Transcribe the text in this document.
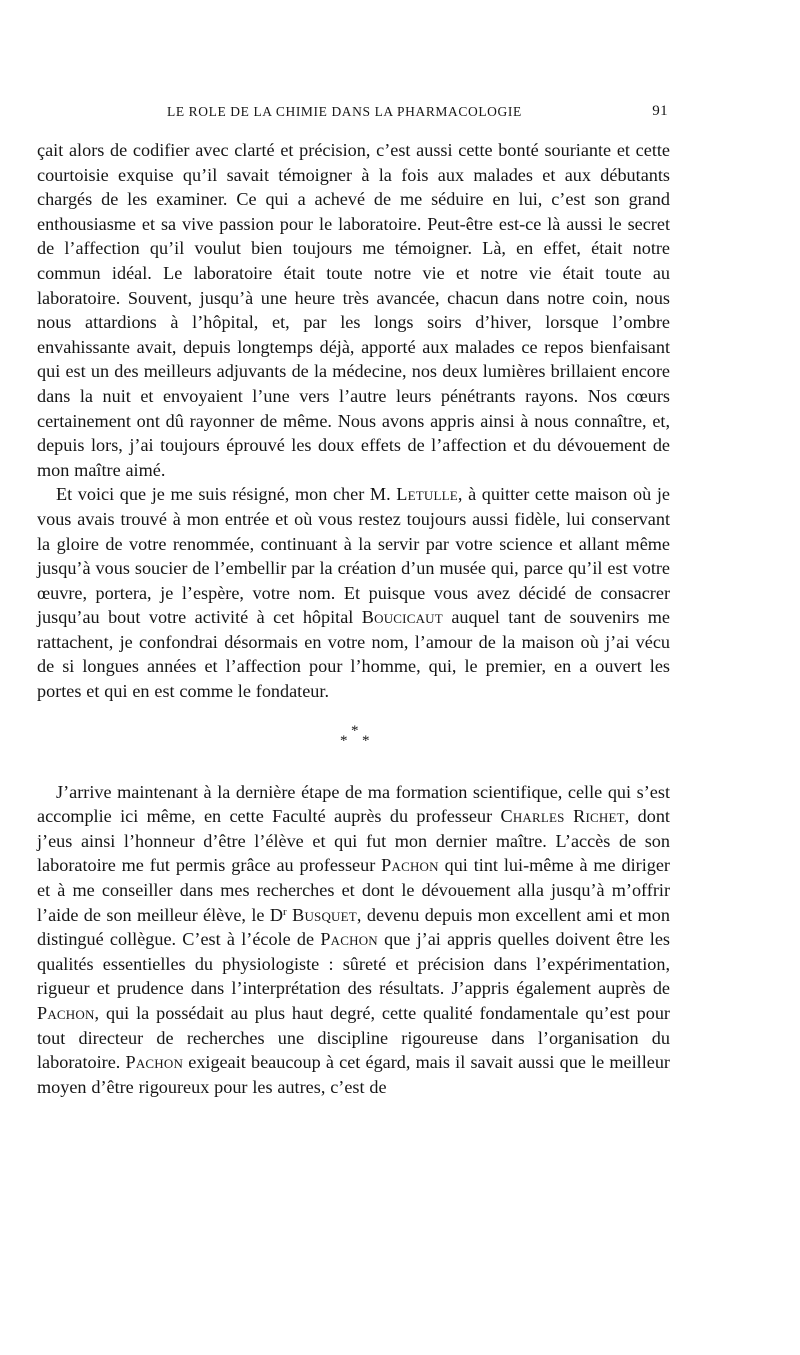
LE ROLE DE LA CHIMIE DANS LA PHARMACOLOGIE	91

çait alors de codifier avec clarté et précision, c’est aussi cette bonté souriante et cette courtoisie exquise qu’il savait témoigner à la fois aux malades et aux débutants chargés de les examiner. Ce qui a achevé de me séduire en lui, c’est son grand enthousiasme et sa vive passion pour le laboratoire. Peut-être est-ce là aussi le secret de l’affection qu’il voulut bien toujours me témoigner. Là, en effet, était notre commun idéal. Le laboratoire était toute notre vie et notre vie était toute au laboratoire. Souvent, jusqu’à une heure très avancée, chacun dans notre coin, nous nous attardions à l’hôpital, et, par les longs soirs d’hiver, lorsque l’ombre envahissante avait, depuis longtemps déjà, apporté aux malades ce repos bienfaisant qui est un des meilleurs adjuvants de la médecine, nos deux lumières brillaient encore dans la nuit et envoyaient l’une vers l’autre leurs pénétrants rayons. Nos cœurs certainement ont dû rayonner de même. Nous avons appris ainsi à nous connaître, et, depuis lors, j’ai toujours éprouvé les doux effets de l’affection et du dévouement de mon maître aimé.

Et voici que je me suis résigné, mon cher M. Letulle, à quitter cette maison où je vous avais trouvé à mon entrée et où vous restez toujours aussi fidèle, lui conservant la gloire de votre renommée, continuant à la servir par votre science et allant même jusqu’à vous soucier de l’embellir par la création d’un musée qui, parce qu’il est votre œuvre, portera, je l’espère, votre nom. Et puisque vous avez décidé de consacrer jusqu’au bout votre activité à cet hôpital Boucicaut auquel tant de souvenirs me rattachent, je confondrai désormais en votre nom, l’amour de la maison où j’ai vécu de si longues années et l’affection pour l’homme, qui, le premier, en a ouvert les portes et qui en est comme le fondateur.

*
* *

J’arrive maintenant à la dernière étape de ma formation scientifique, celle qui s’est accomplie ici même, en cette Faculté auprès du professeur Charles Richet, dont j’eus ainsi l’honneur d’être l’élève et qui fut mon dernier maître. L’accès de son laboratoire me fut permis grâce au professeur Pachon qui tint lui-même à me diriger et à me conseiller dans mes recherches et dont le dévouement alla jusqu’à m’offrir l’aide de son meilleur élève, le $D^r$ Busquet, devenu depuis mon excellent ami et mon distingué collègue. C’est à l’école de Pachon que j’ai appris quelles doivent être les qualités essentielles du physiologiste : sûreté et précision dans l’expérimentation, rigueur et prudence dans l’interprétation des résultats. J’appris également auprès de Pachon, qui la possédait au plus haut degré, cette qualité fondamentale qu’est pour tout directeur de recherches une discipline rigoureuse dans l’organisation du laboratoire. Pachon exigeait beaucoup à cet égard, mais il savait aussi que le meilleur moyen d’être rigoureux pour les autres, c’est de
